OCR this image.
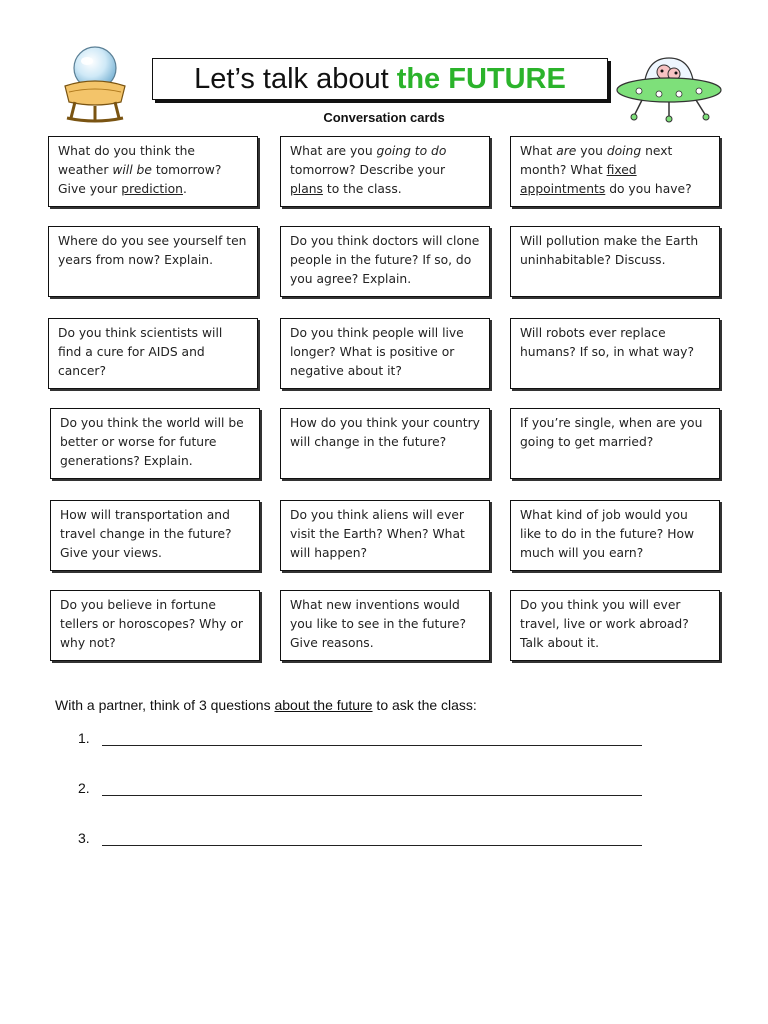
Let’s talk about the FUTURE
Conversation cards
What do you think the weather will be tomorrow? Give your prediction.
What are you going to do tomorrow? Describe your plans to the class.
What are you doing next month? What fixed appointments do you have?
Where do you see yourself ten years from now? Explain.
Do you think doctors will clone people in the future? If so, do you agree? Explain.
Will pollution make the Earth uninhabitable? Discuss.
Do you think scientists will find a cure for AIDS and cancer?
Do you think people will live longer? What is positive or negative about it?
Will robots ever replace humans? If so, in what way?
Do you think the world will be better or worse for future generations? Explain.
How do you think your country will change in the future?
If you’re single, when are you going to get married?
How will transportation and travel change in the future? Give your views.
Do you think aliens will ever visit the Earth? When? What will happen?
What kind of job would you like to do in the future? How much will you earn?
Do you believe in fortune tellers or horoscopes? Why or why not?
What new inventions would you like to see in the future? Give reasons.
Do you think you will ever travel, live or work abroad? Talk about it.
With a partner, think of 3 questions about the future to ask the class:
1.
2.
3.
